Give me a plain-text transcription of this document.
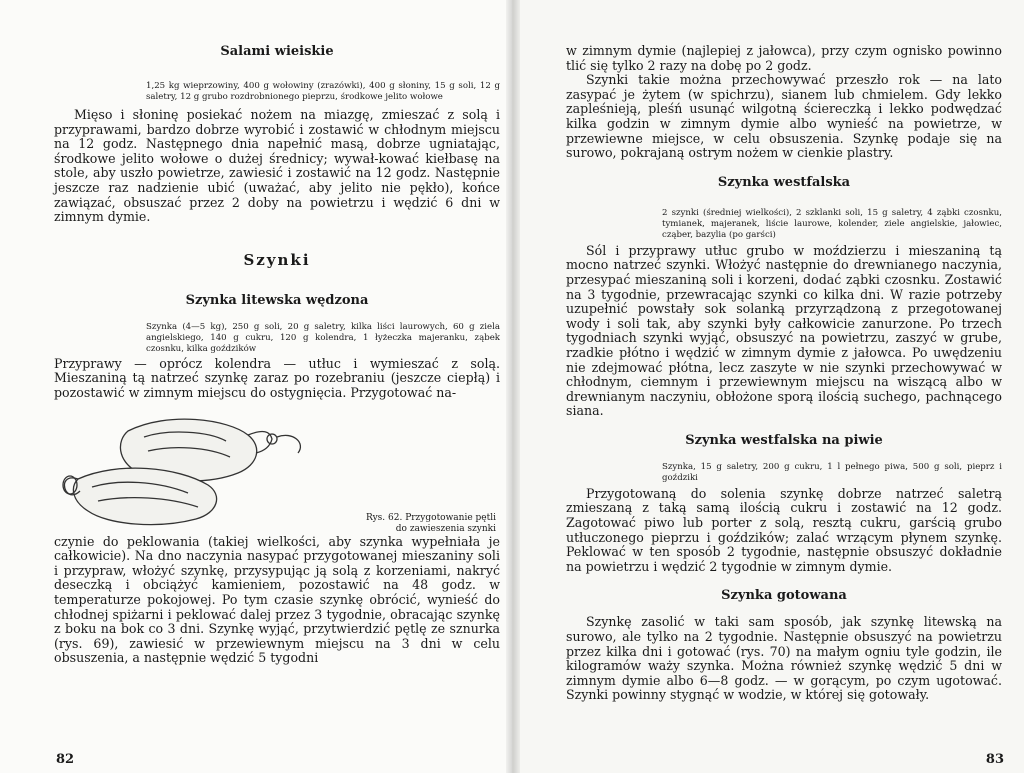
Salami wieiskie

1,25 kg wieprzowiny, 400 g wołowiny (zrazówki), 400 g słoniny, 15 g soli, 12 g saletry, 12 g grubo rozdrobnionego pieprzu, środkowe jelito wołowe

Mięso i słoninę posiekać nożem na miazgę, zmieszać z solą i przyprawami, bardzo dobrze wyrobić i zostawić w chłodnym miejscu na 12 godz. Następnego dnia napełnić masą, dobrze ugniatając, środkowe jelito wołowe o dużej średnicy; wywał-kować kiełbasę na stole, aby uszło powietrze, zawiesić i zostawić na 12 godz. Następnie jeszcze raz nadzienie ubić (uważać, aby jelito nie pękło), końce zawiązać, obsuszać przez 2 doby na powietrzu i wędzić 6 dni w zimnym dymie.

Szynki
Szynka litewska wędzona

Szynka (4—5 kg), 250 g soli, 20 g saletry, kilka liści laurowych, 60 g ziela angielskiego, 140 g cukru, 120 g kolendra, 1 łyżeczka majeranku, ząbek czosnku, kilka goździków

Przyprawy — oprócz kolendra — utłuc i wymieszać z solą. Mieszaniną tą natrzeć szynkę zaraz po rozebraniu (jeszcze ciepłą) i pozostawić w zimnym miejscu do ostygnięcia. Przygotować na-

Rys. 62. Przygotowanie pętli
do zawieszenia szynki

czynie do peklowania (takiej wielkości, aby szynka wypełniała je całkowicie). Na dno naczynia nasypać przygotowanej mieszaniny soli i przypraw, włożyć szynkę, przysypując ją solą z korzeniami, nakryć deseczką i obciążyć kamieniem, pozostawić na 48 godz. w temperaturze pokojowej. Po tym czasie szynkę obrócić, wynieść do chłodnej spiżarni i peklować dalej przez 3 tygodnie, obracając szynkę z boku na bok co 3 dni. Szynkę wyjąć, przytwierdzić pętlę ze sznurka (rys. 69), zawiesić w przewiewnym miejscu na 3 dni w celu obsuszenia, a następnie wędzić 5 tygodni

82

w zimnym dymie (najlepiej z jałowca), przy czym ognisko powinno tlić się tylko 2 razy na dobę po 2 godz.

Szynki takie można przechowywać przeszło rok — na lato zasypać je żytem (w spichrzu), sianem lub chmielem. Gdy lekko zapleśnieją, pleśń usunąć wilgotną ściereczką i lekko podwędzać kilka godzin w zimnym dymie albo wynieść na powietrze, w przewiewne miejsce, w celu obsuszenia. Szynkę podaje się na surowo, pokrajaną ostrym nożem w cienkie plastry.

Szynka westfalska

2 szynki (średniej wielkości), 2 szklanki soli, 15 g saletry, 4 ząbki czosnku, tymianek, majeranek, liście laurowe, kolender, ziele angielskie, jałowiec, cząber, bazylia (po garści)

Sól i przyprawy utłuc grubo w moździerzu i mieszaniną tą mocno natrzeć szynki. Włożyć następnie do drewnianego naczynia, przesypać mieszaniną soli i korzeni, dodać ząbki czosnku. Zostawić na 3 tygodnie, przewracając szynki co kilka dni. W razie potrzeby uzupełnić powstały sok solanką przyrządzoną z przegotowanej wody i soli tak, aby szynki były całkowicie zanurzone. Po trzech tygodniach szynki wyjąć, obsuszyć na powietrzu, zaszyć w grube, rzadkie płótno i wędzić w zimnym dymie z jałowca. Po uwędzeniu nie zdejmować płótna, lecz zaszyte w nie szynki przechowywać w chłodnym, ciemnym i przewiewnym miejscu na wiszącą albo w drewnianym naczyniu, obłożone sporą ilością suchego, pachnącego siana.

Szynka westfalska na piwie

Szynka, 15 g saletry, 200 g cukru, 1 l pełnego piwa, 500 g soli, pieprz i goździki

Przygotowaną do solenia szynkę dobrze natrzeć saletrą zmieszaną z taką samą ilością cukru i zostawić na 12 godz. Zagotować piwo lub porter z solą, resztą cukru, garścią grubo utłuczonego pieprzu i goździków; zalać wrzącym płynem szynkę. Peklować w ten sposób 2 tygodnie, następnie obsuszyć dokładnie na powietrzu i wędzić 2 tygodnie w zimnym dymie.

Szynka gotowana

Szynkę zasolić w taki sam sposób, jak szynkę litewską na surowo, ale tylko na 2 tygodnie. Następnie obsuszyć na powietrzu przez kilka dni i gotować (rys. 70) na małym ogniu tyle godzin, ile kilogramów waży szynka. Można również szynkę wędzić 5 dni w zimnym dymie albo 6—8 godz. — w gorącym, po czym ugotować. Szynki powinny stygnąć w wodzie, w której się gotowały.

83
